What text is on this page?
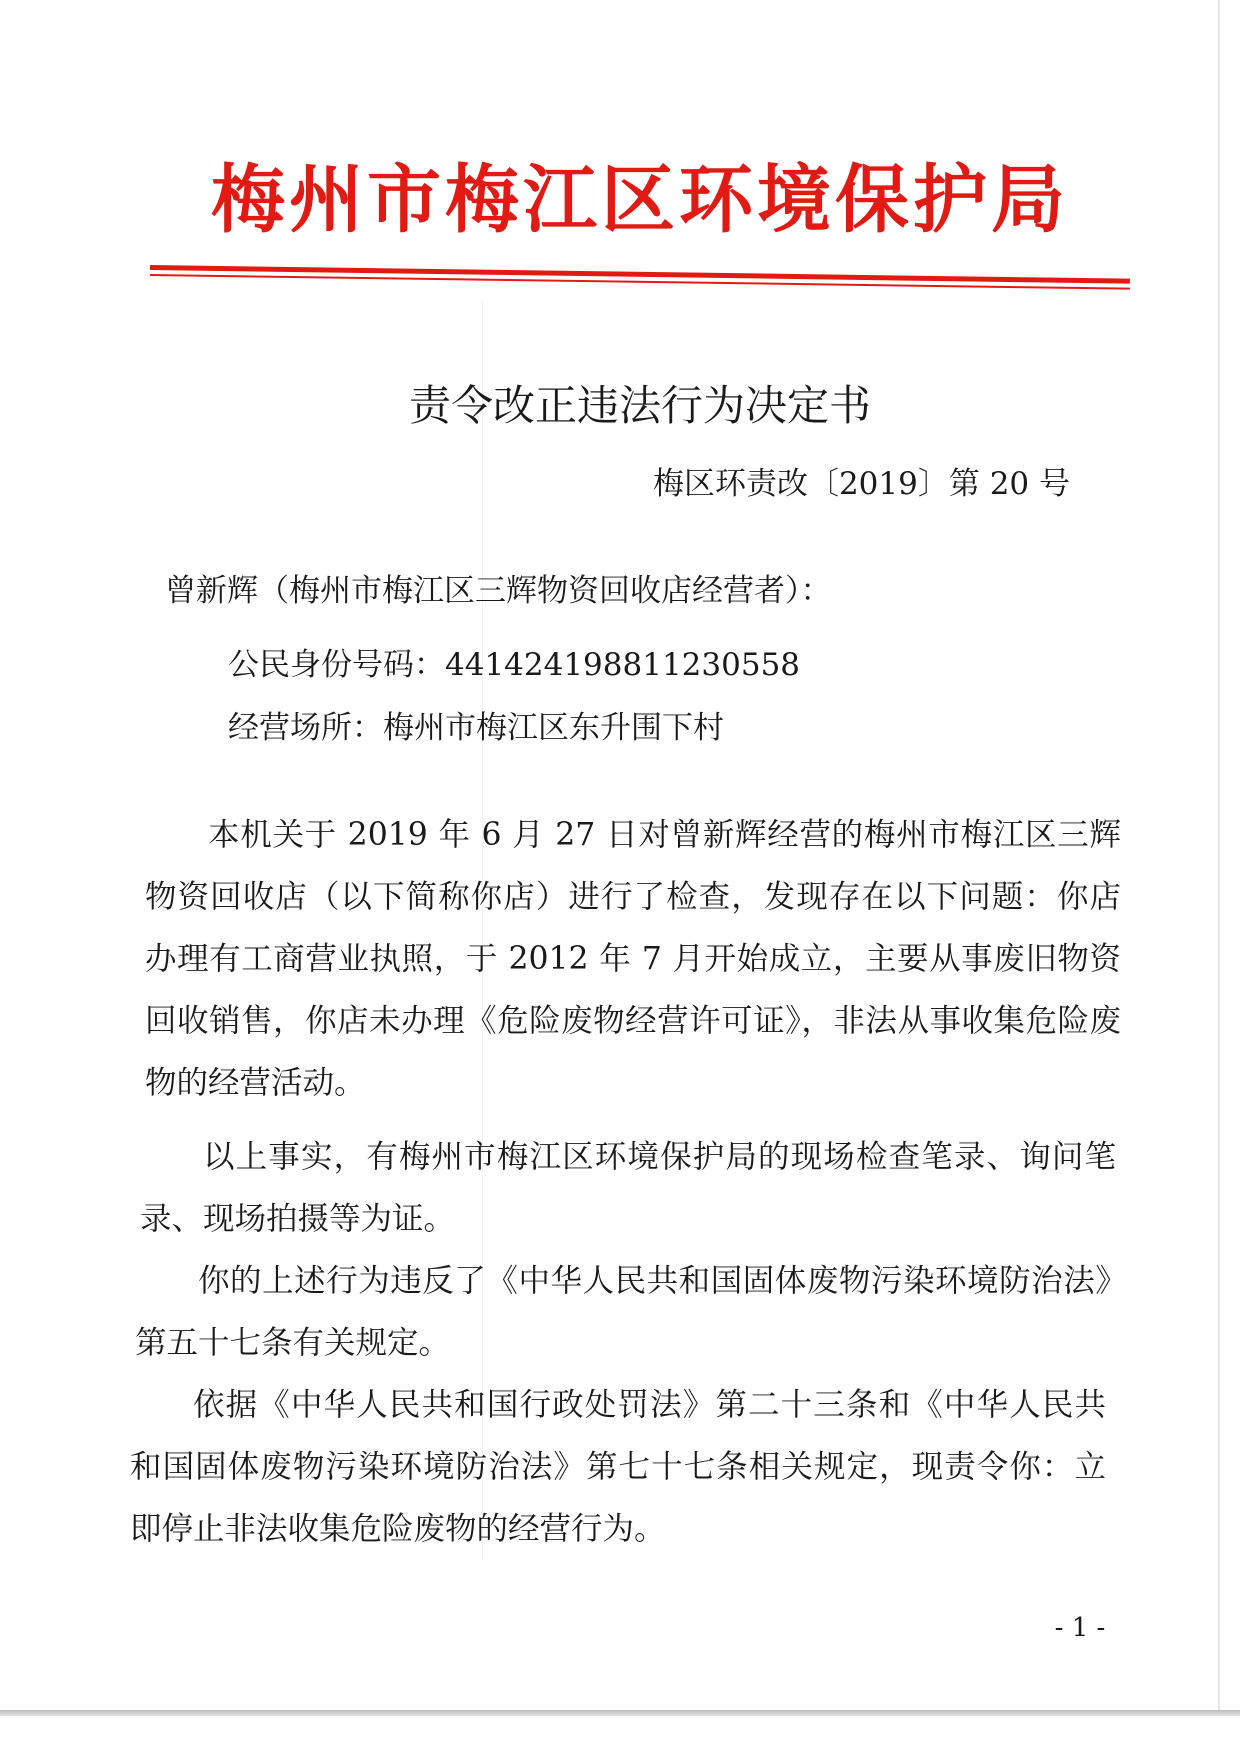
梅州市梅江区环境保护局
责令改正违法行为决定书
梅区环责改〔2019〕第 20 号
曾新辉（梅州市梅江区三辉物资回收店经营者）：
公民身份号码：441424198811230558
经营场所：梅州市梅江区东升围下村

本机关于 2019 年 6 月 27 日对曾新辉经营的梅州市梅江区三辉物资回收店（以下简称你店）进行了检查，发现存在以下问题：你店办理有工商营业执照，于 2012 年 7 月开始成立，主要从事废旧物资回收销售，你店未办理《危险废物经营许可证》，非法从事收集危险废物的经营活动。

以上事实，有梅州市梅江区环境保护局的现场检查笔录、询问笔录、现场拍摄等为证。

你的上述行为违反了《中华人民共和国固体废物污染环境防治法》第五十七条有关规定。

依据《中华人民共和国行政处罚法》第二十三条和《中华人民共和国固体废物污染环境防治法》第七十七条相关规定，现责令你：立即停止非法收集危险废物的经营行为。

- 1 -
